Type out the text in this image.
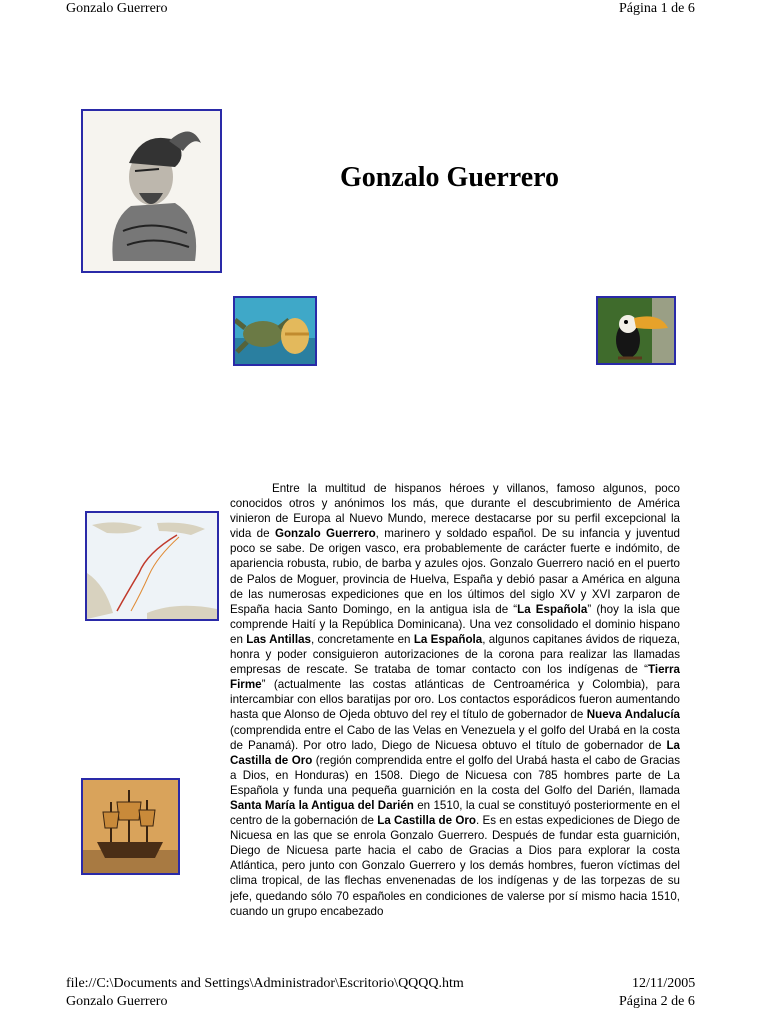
Gonzalo Guerrero	Página 1 de 6
Gonzalo Guerrero

Entre la multitud de hispanos héroes y villanos, famoso algunos, poco conocidos otros y anónimos los más, que durante el descubrimiento de América vinieron de Europa al Nuevo Mundo, merece destacarse por su perfil excepcional la vida de Gonzalo Guerrero, marinero y soldado español. De su infancia y juventud poco se sabe. De origen vasco, era probablemente de carácter fuerte e indómito, de apariencia robusta, rubio, de barba y azules ojos. Gonzalo Guerrero nació en el puerto de Palos de Moguer, provincia de Huelva, España y debió pasar a América en alguna de las numerosas expediciones que en los últimos del siglo XV y XVI zarparon de España hacia Santo Domingo, en la antigua isla de “La Española” (hoy la isla que comprende Haití y la República Dominicana). Una vez consolidado el dominio hispano en Las Antillas, concretamente en La Española, algunos capitanes ávidos de riqueza, honra y poder consiguieron autorizaciones de la corona para realizar las llamadas empresas de rescate. Se trataba de tomar contacto con los indígenas de “Tierra Firme” (actualmente las costas atlánticas de Centroamérica y Colombia), para intercambiar con ellos baratijas por oro. Los contactos esporádicos fueron aumentando hasta que Alonso de Ojeda obtuvo del rey el título de gobernador de Nueva Andalucía (comprendida entre el Cabo de las Velas en Venezuela y el golfo del Urabá en la costa de Panamá). Por otro lado, Diego de Nicuesa obtuvo el título de gobernador de La Castilla de Oro (región comprendida entre el golfo del Urabá hasta el cabo de Gracias a Dios, en Honduras) en 1508. Diego de Nicuesa con 785 hombres parte de La Española y funda una pequeña guarnición en la costa del Golfo del Darién, llamada Santa María la Antigua del Darién en 1510, la cual se constituyó posteriormente en el centro de la gobernación de La Castilla de Oro. Es en estas expediciones de Diego de Nicuesa en las que se enrola Gonzalo Guerrero. Después de fundar esta guarnición, Diego de Nicuesa parte hacia el cabo de Gracias a Dios para explorar la costa Atlántica, pero junto con Gonzalo Guerrero y los demás hombres, fueron víctimas del clima tropical, de las flechas envenenadas de los indígenas y de las torpezas de su jefe, quedando sólo 70 españoles en condiciones de valerse por sí mismo hacia 1510, cuando un grupo encabezado

file://C:\Documents and Settings\Administrador\Escritorio\QQQQ.htm	12/11/2005
Gonzalo Guerrero	Página 2 de 6
